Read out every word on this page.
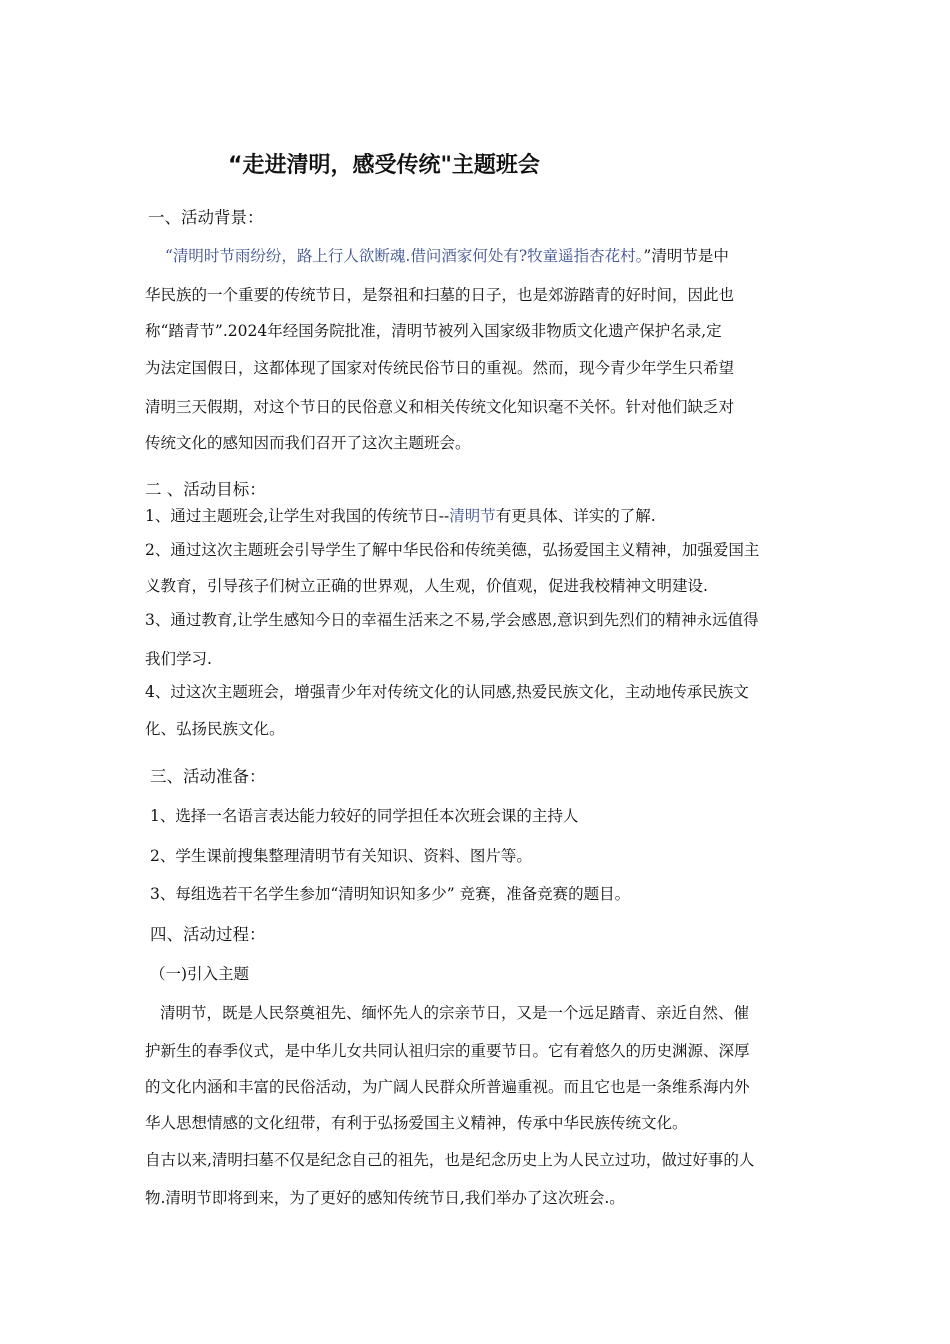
“走进清明，感受传统"主题班会
一、活动背景：
“清明时节雨纷纷，路上行人欲断魂.借问酒家何处有?牧童遥指杏花村。”清明节是中
华民族的一个重要的传统节日，是祭祖和扫墓的日子，也是郊游踏青的好时间，因此也
称“踏青节”.2024年经国务院批准，清明节被列入国家级非物质文化遗产保护名录,定
为法定国假日，这都体现了国家对传统民俗节日的重视。然而，现今青少年学生只希望
清明三天假期，对这个节日的民俗意义和相关传统文化知识毫不关怀。针对他们缺乏对
传统文化的感知因而我们召开了这次主题班会。
二 、活动目标：
1、通过主题班会,让学生对我国的传统节日--清明节有更具体、详实的了解.
2、通过这次主题班会引导学生了解中华民俗和传统美德，弘扬爱国主义精神，加强爱国主
义教育，引导孩子们树立正确的世界观，人生观，价值观，促进我校精神文明建设.
3、通过教育,让学生感知今日的幸福生活来之不易,学会感恩,意识到先烈们的精神永远值得
我们学习.
4、过这次主题班会，增强青少年对传统文化的认同感,热爱民族文化，主动地传承民族文
化、弘扬民族文化。
三、活动准备：
1、选择一名语言表达能力较好的同学担任本次班会课的主持人
2、学生课前搜集整理清明节有关知识、资料、图片等。
3、每组选若干名学生参加“清明知识知多少” 竞赛，准备竞赛的题目。
四、活动过程：
（一)引入主题
清明节，既是人民祭奠祖先、缅怀先人的宗亲节日，又是一个远足踏青、亲近自然、催
护新生的春季仪式，是中华儿女共同认祖归宗的重要节日。它有着悠久的历史渊源、深厚
的文化内涵和丰富的民俗活动，为广阔人民群众所普遍重视。而且它也是一条维系海内外
华人思想情感的文化纽带，有利于弘扬爱国主义精神，传承中华民族传统文化。
自古以来,清明扫墓不仅是纪念自己的祖先，也是纪念历史上为人民立过功，做过好事的人
物.清明节即将到来，为了更好的感知传统节日,我们举办了这次班会.。
